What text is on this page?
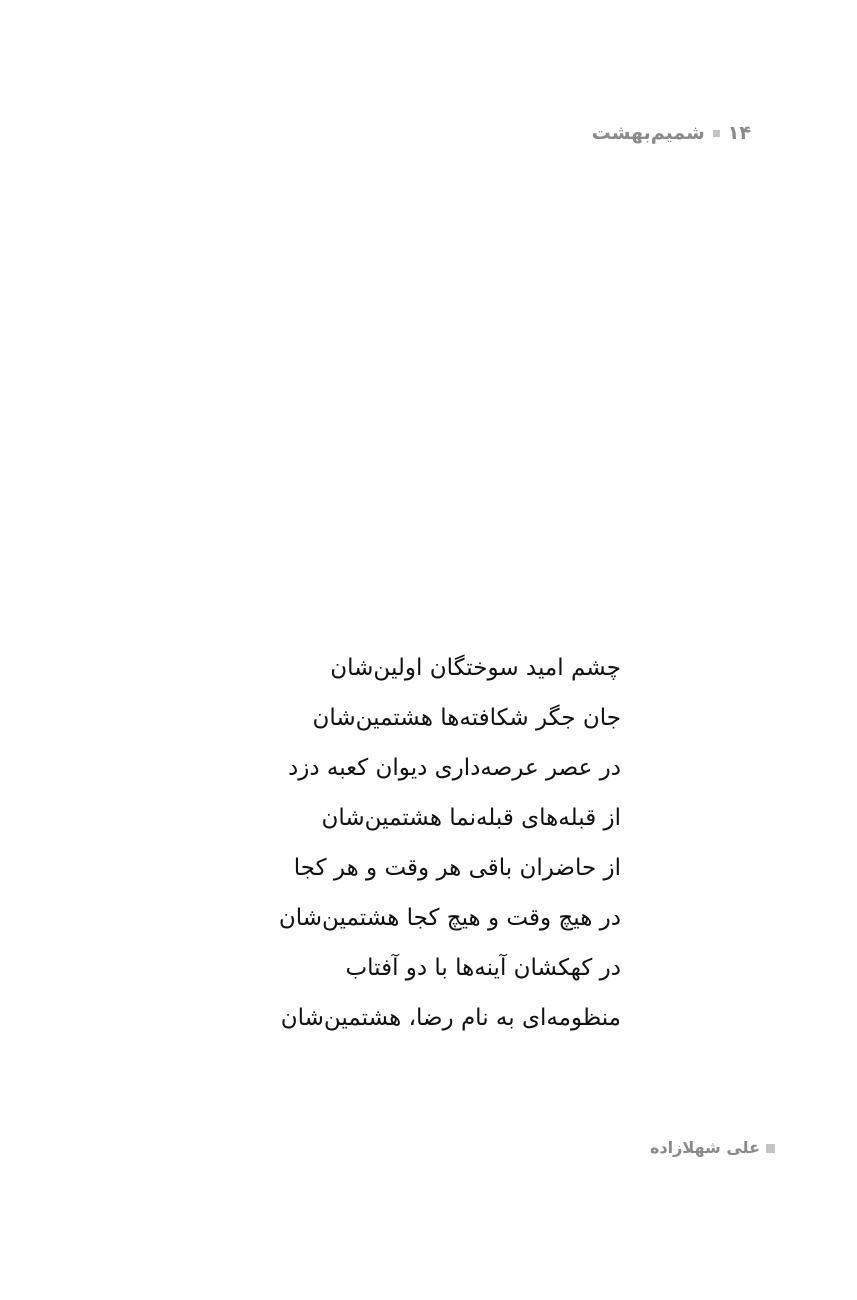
۱۴
شمیم‌بهشت
چشم امید سوختگان اولین‌شان
جان جگر شکافته‌ها هشتمین‌شان
در عصر عرصه‌داری دیوان کعبه دزد
از قبله‌های قبله‌نما هشتمین‌شان
از حاضران باقی هر وقت و هر کجا
در هیچ وقت و هیچ کجا هشتمین‌شان
در کهکشان آینه‌ها با دو آفتاب
منظومه‌ای به نام رضا، هشتمین‌شان
علی شهلازاده
